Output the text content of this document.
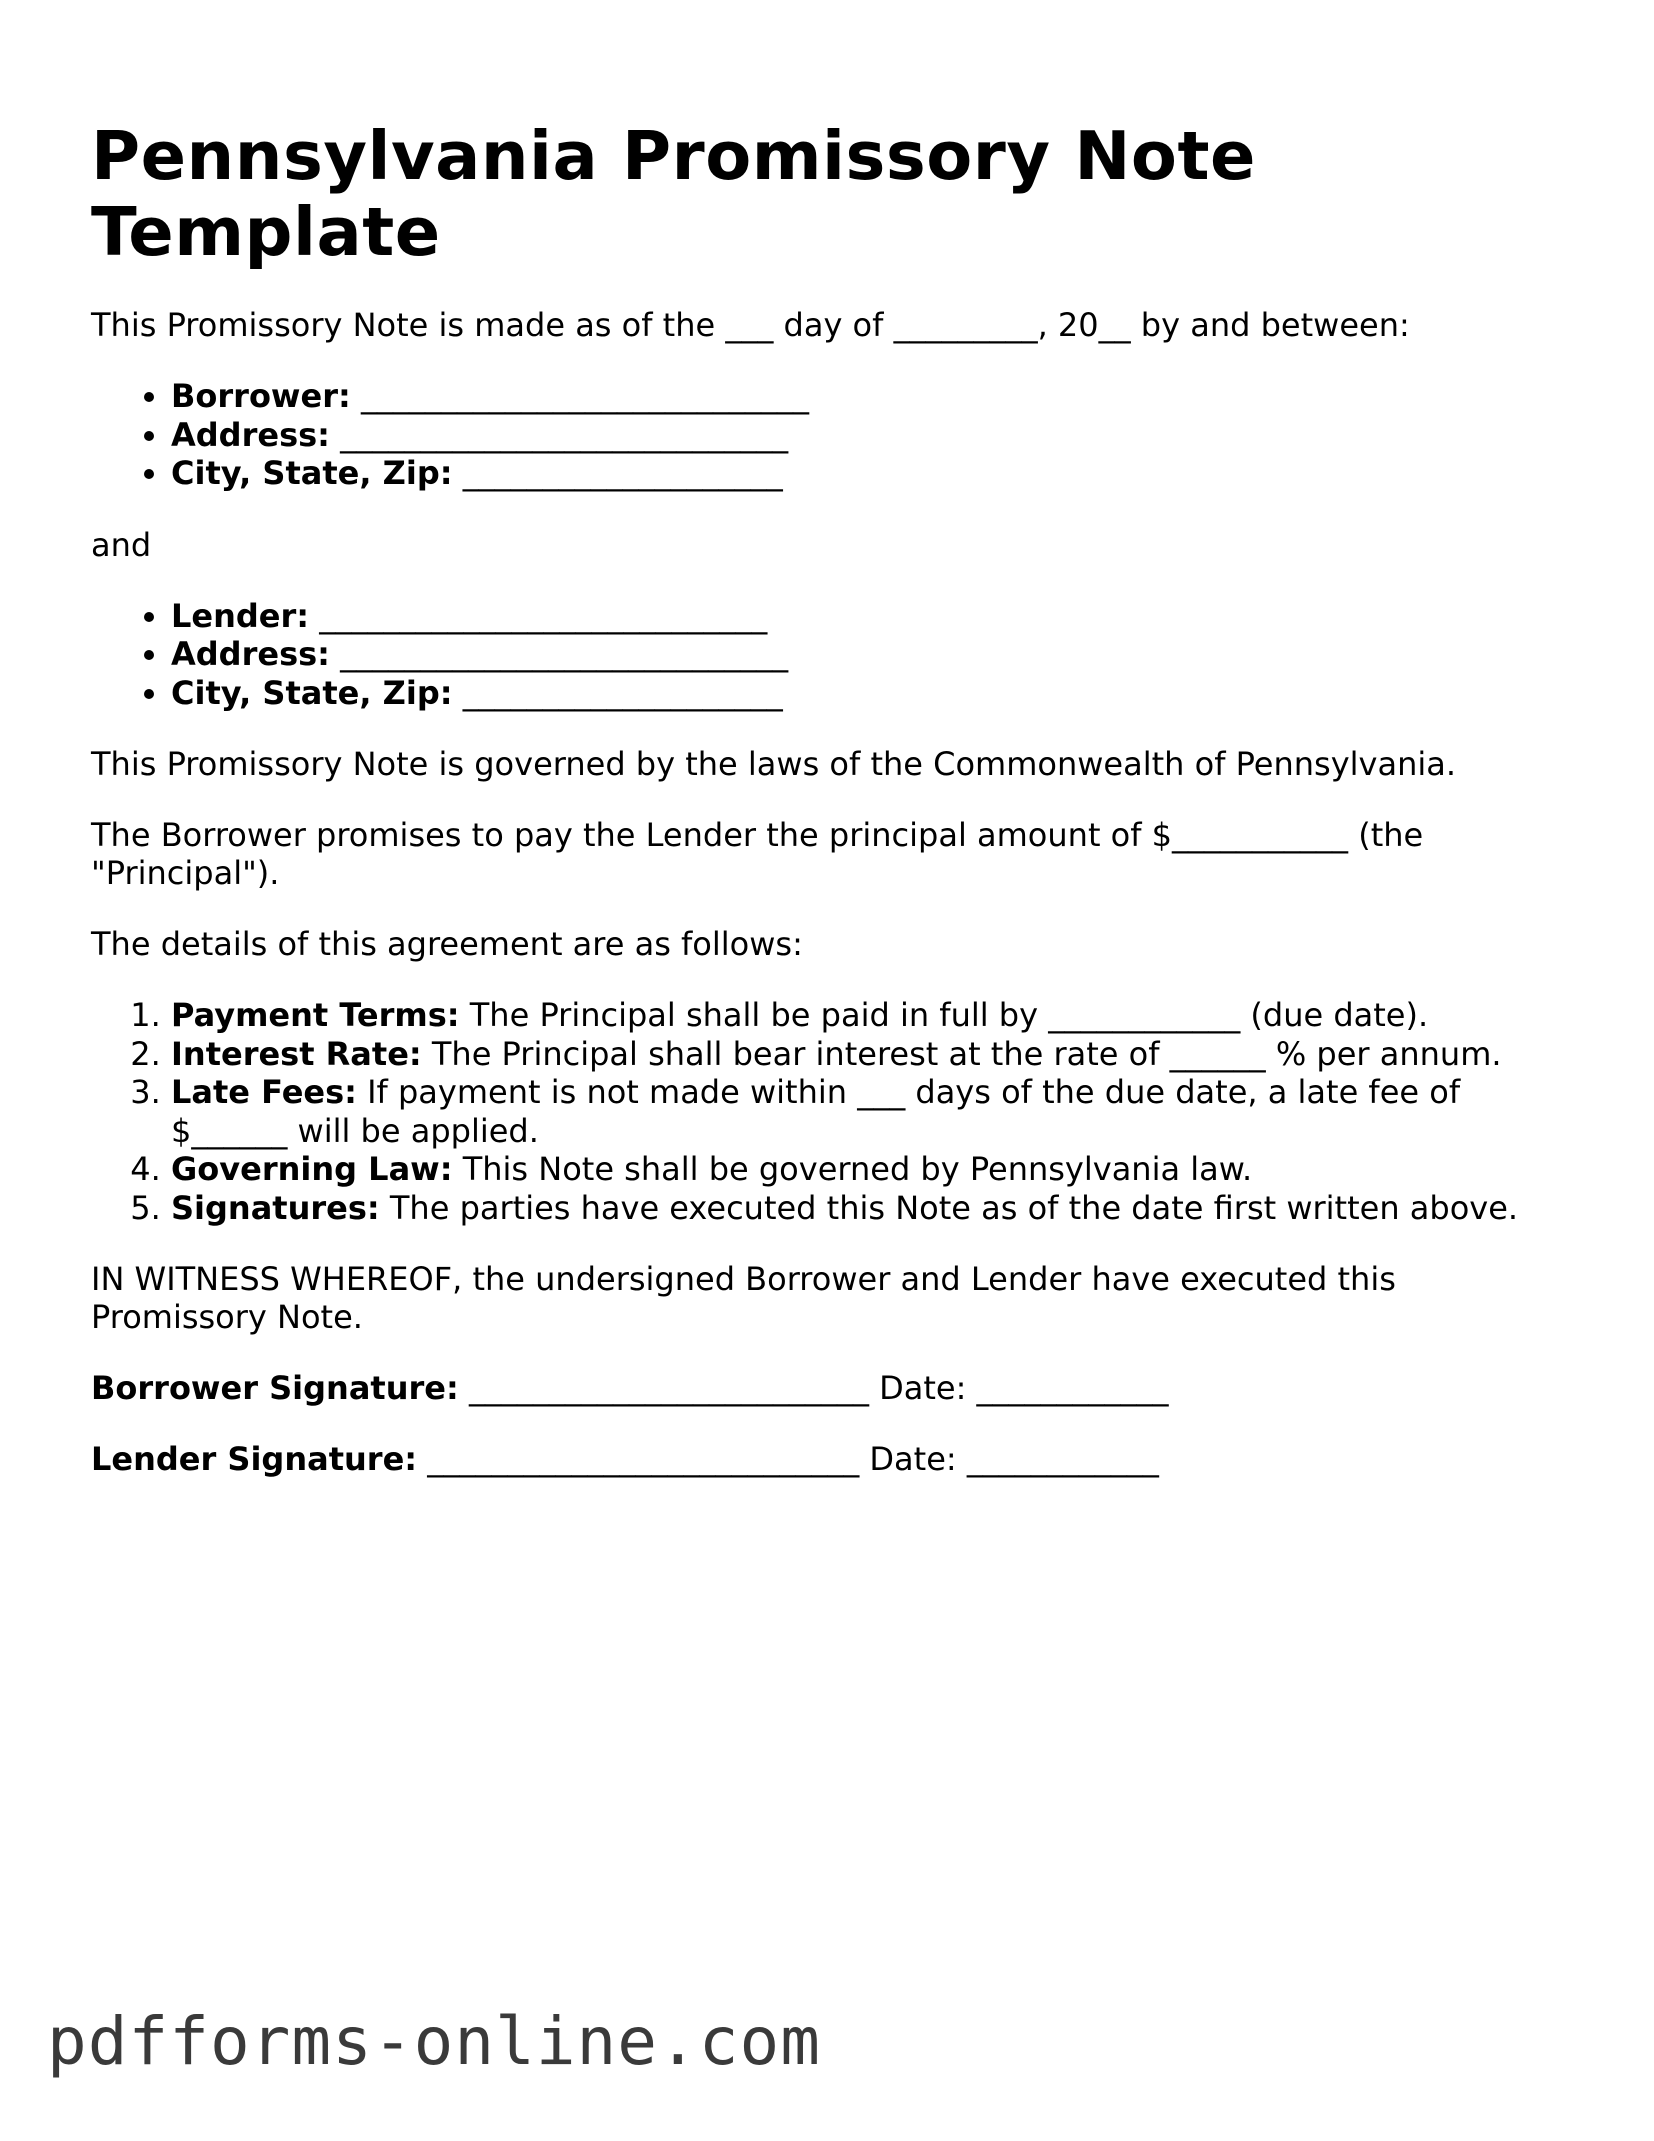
Pennsylvania Promissory Note Template

This Promissory Note is made as of the ___ day of _________, 20__ by and between:

• Borrower: ____________________________
• Address: ____________________________
• City, State, Zip: ____________________

and

• Lender: ____________________________
• Address: ____________________________
• City, State, Zip: ____________________

This Promissory Note is governed by the laws of the Commonwealth of Pennsylvania.

The Borrower promises to pay the Lender the principal amount of $___________ (the "Principal").

The details of this agreement are as follows:

1. Payment Terms: The Principal shall be paid in full by ____________ (due date).
2. Interest Rate: The Principal shall bear interest at the rate of ______ % per annum.
3. Late Fees: If payment is not made within ___ days of the due date, a late fee of $______ will be applied.
4. Governing Law: This Note shall be governed by Pennsylvania law.
5. Signatures: The parties have executed this Note as of the date first written above.

IN WITNESS WHEREOF, the undersigned Borrower and Lender have executed this Promissory Note.

Borrower Signature: _________________________ Date: ____________

Lender Signature: ___________________________ Date: ____________

pdfforms-online.com
